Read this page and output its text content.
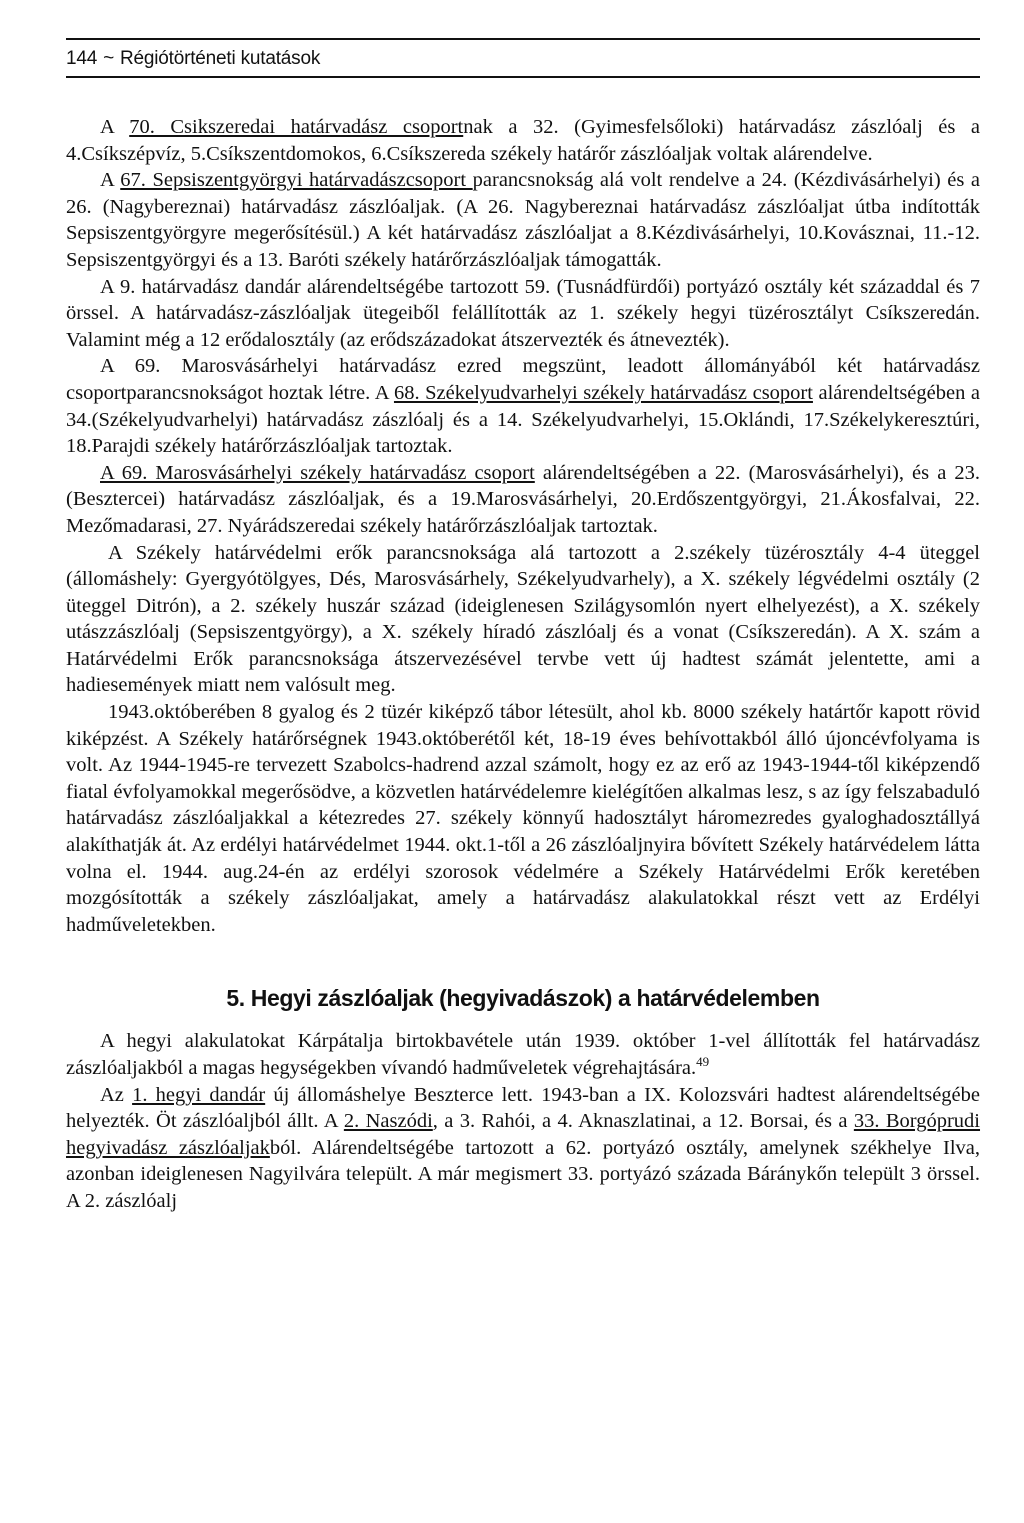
144 ~ Régiótörténeti kutatások

A 70. Csikszeredai határvadász csoportnak a 32. (Gyimesfelsőloki) határvadász zászlóalj és a 4.Csíkszépvíz, 5.Csíkszentdomokos, 6.Csíkszereda székely határőr zászlóaljak voltak alárendelve.

A 67. Sepsiszentgyörgyi határvadászcsoport parancsnokság alá volt rendelve a 24. (Kézdivásárhelyi) és a 26. (Nagybereznai) határvadász zászlóaljak. (A 26. Nagybereznai határvadász zászlóaljat útba indították Sepsiszentgyörgyre megerősítésül.) A két határvadász zászlóaljat a 8.Kézdivásárhelyi, 10.Kovásznai, 11.-12. Sepsiszentgyörgyi és a 13. Baróti székely határőrzászlóaljak támogatták.

A 9. határvadász dandár alárendeltségébe tartozott 59. (Tusnádfürdői) portyázó osztály két századdal és 7 örssel. A határvadász-zászlóaljak ütegeiből felállították az 1. székely hegyi tüzérosztályt Csíkszeredán. Valamint még a 12 erődalosztály (az erődszázadokat átszervezték és átnevezték).

A 69. Marosvásárhelyi határvadász ezred megszünt, leadott állományából két határvadász csoportparancsnokságot hoztak létre. A 68. Székelyudvarhelyi székely határvadász csoport alárendeltségében a 34.(Székelyudvarhelyi) határvadász zászlóalj és a 14. Székelyudvarhelyi, 15.Oklándi, 17.Székelykeresztúri, 18.Parajdi székely határőrzászlóaljak tartoztak.

A 69. Marosvásárhelyi székely határvadász csoport alárendeltségében a 22. (Marosvásárhelyi), és a 23. (Besztercei) határvadász zászlóaljak, és a 19.Marosvásárhelyi, 20.Erdőszentgyörgyi, 21.Ákosfalvai, 22. Mezőmadarasi, 27. Nyárádszeredai székely határőrzászlóaljak tartoztak.

A Székely határvédelmi erők parancsnoksága alá tartozott a 2.székely tüzérosztály 4-4 üteggel (állomáshely: Gyergyótölgyes, Dés, Marosvásárhely, Székelyudvarhely), a X. székely légvédelmi osztály (2 üteggel Ditrón), a 2. székely huszár század (ideiglenesen Szilágysomlón nyert elhelyezést), a X. székely utászzászlóalj (Sepsiszentgyörgy), a X. székely híradó zászlóalj és a vonat (Csíkszeredán). A X. szám a Határvédelmi Erők parancsnoksága átszervezésével tervbe vett új hadtest számát jelentette, ami a hadiesemények miatt nem valósult meg.

1943.októberében 8 gyalog és 2 tüzér kiképző tábor létesült, ahol kb. 8000 székely határtőr kapott rövid kiképzést. A Székely határőrségnek 1943.októberétől két, 18-19 éves behívottakból álló újoncévfolyama is volt. Az 1944-1945-re tervezett Szabolcs-hadrend azzal számolt, hogy ez az erő az 1943-1944-től kiképzendő fiatal évfolyamokkal megerősödve, a közvetlen határvédelemre kielégítően alkalmas lesz, s az így felszabaduló határvadász zászlóaljakkal a kétezredes 27. székely könnyű hadosztályt háromezredes gyaloghadosztállyá alakíthatják át. Az erdélyi határvédelmet 1944. okt.1-től a 26 zászlóaljnyira bővített Székely határvédelem látta volna el. 1944. aug.24-én az erdélyi szorosok védelmére a Székely Határvédelmi Erők keretében mozgósították a székely zászlóaljakat, amely a határvadász alakulatokkal részt vett az Erdélyi hadműveletekben.

5. Hegyi zászlóaljak (hegyivadászok) a határvédelemben

A hegyi alakulatokat Kárpátalja birtokbavétele után 1939. október 1-vel állították fel határvadász zászlóaljakból a magas hegységekben vívandó hadműveletek végrehajtására.$^{49}$

Az 1. hegyi dandár új állomáshelye Beszterce lett. 1943-ban a IX. Kolozsvári hadtest alárendeltségébe helyezték. Öt zászlóaljból állt. A 2. Naszódi, a 3. Rahói, a 4. Aknaszlatinai, a 12. Borsai, és a 33. Borgóprudi hegyivadász zászlóaljakból. Alárendeltségébe tartozott a 62. portyázó osztály, amelynek székhelye Ilva, azonban ideiglenesen Nagyilvára települt. A már megismert 33. portyázó százada Báránykőn települt 3 örssel. A 2. zászlóalj
